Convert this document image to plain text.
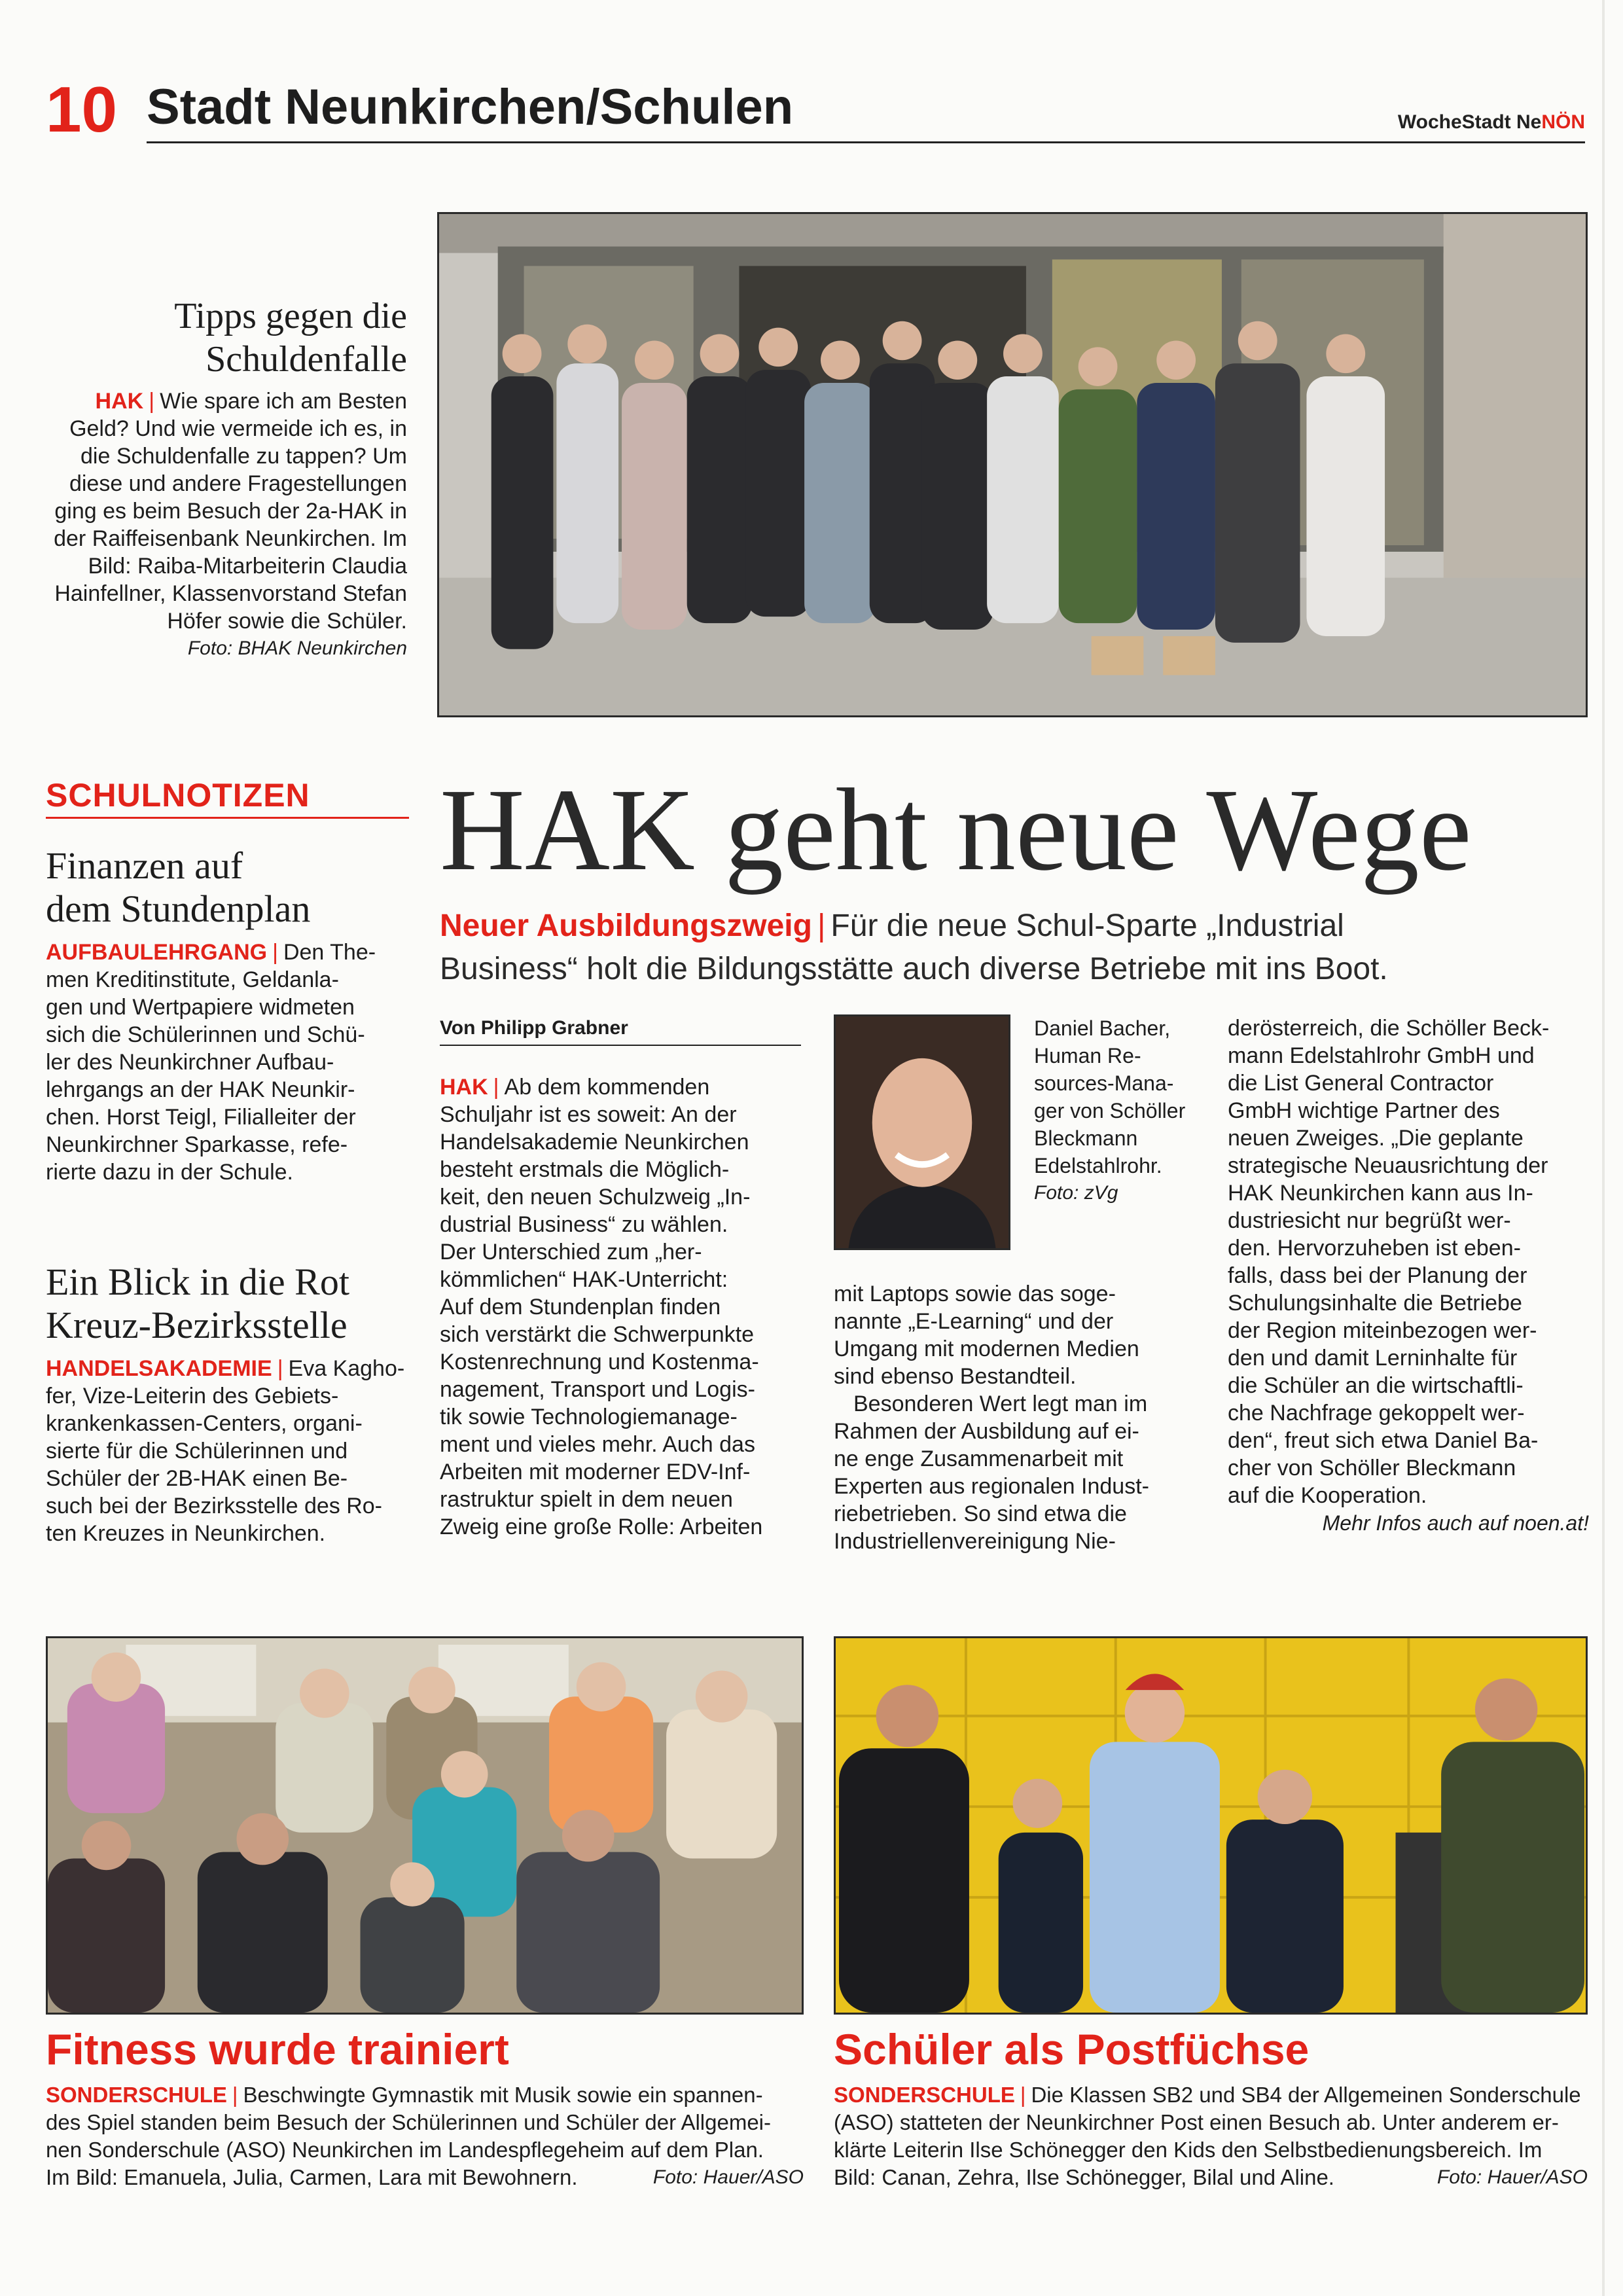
10 Stadt Neunkirchen/Schulen	WocheStadt NeNÖN
Tipps gegen die
Schuldenfalle
HAK | Wie spare ich am Besten
Geld? Und wie vermeide ich es, in
die Schuldenfalle zu tappen? Um
diese und andere Fragestellungen
ging es beim Besuch der 2a-HAK in
der Raiffeisenbank Neunkirchen. Im
Bild: Raiba-Mitarbeiterin Claudia
Hainfellner, Klassenvorstand Stefan
Höfer sowie die Schüler.
Foto: BHAK Neunkirchen
SCHULNOTIZEN
Finanzen auf
dem Stundenplan
AUFBAULEHRGANG | Den The-
men Kreditinstitute, Geldanla-
gen und Wertpapiere widmeten
sich die Schülerinnen und Schü-
ler des Neunkirchner Aufbau-
lehrgangs an der HAK Neunkir-
chen. Horst Teigl, Filialleiter der
Neunkirchner Sparkasse, refe-
rierte dazu in der Schule.
Ein Blick in die Rot
Kreuz-Bezirksstelle
HANDELSAKADEMIE | Eva Kagho-
fer, Vize-Leiterin des Gebiets-
krankenkassen-Centers, organi-
sierte für die Schülerinnen und
Schüler der 2B-HAK einen Be-
such bei der Bezirksstelle des Ro-
ten Kreuzes in Neunkirchen.
HAK geht neue Wege
Neuer Ausbildungszweig | Für die neue Schul-Sparte „Industrial
Business“ holt die Bildungsstätte auch diverse Betriebe mit ins Boot.
Von Philipp Grabner
HAK | Ab dem kommenden
Schuljahr ist es soweit: An der
Handelsakademie Neunkirchen
besteht erstmals die Möglich-
keit, den neuen Schulzweig „In-
dustrial Business“ zu wählen.
Der Unterschied zum „her-
kömmlichen“ HAK-Unterricht:
Auf dem Stundenplan finden
sich verstärkt die Schwerpunkte
Kostenrechnung und Kostenma-
nagement, Transport und Logis-
tik sowie Technologiemanage-
ment und vieles mehr. Auch das
Arbeiten mit moderner EDV-Inf-
rastruktur spielt in dem neuen
Zweig eine große Rolle: Arbeiten
Daniel Bacher,
Human Re-
sources-Mana-
ger von Schöller
Bleckmann
Edelstahlrohr.
Foto: zVg
mit Laptops sowie das soge-
nannte „E-Learning“ und der
Umgang mit modernen Medien
sind ebenso Bestandteil.
Besonderen Wert legt man im
Rahmen der Ausbildung auf ei-
ne enge Zusammenarbeit mit
Experten aus regionalen Indust-
riebetrieben. So sind etwa die
Industriellenvereinigung Nie-
derösterreich, die Schöller Beck-
mann Edelstahlrohr GmbH und
die List General Contractor
GmbH wichtige Partner des
neuen Zweiges. „Die geplante
strategische Neuausrichtung der
HAK Neunkirchen kann aus In-
dustriesicht nur begrüßt wer-
den. Hervorzuheben ist eben-
falls, dass bei der Planung der
Schulungsinhalte die Betriebe
der Region miteinbezogen wer-
den und damit Lerninhalte für
die Schüler an die wirtschaftli-
che Nachfrage gekoppelt wer-
den“, freut sich etwa Daniel Ba-
cher von Schöller Bleckmann
auf die Kooperation.
Mehr Infos auch auf noen.at!
Fitness wurde trainiert
SONDERSCHULE | Beschwingte Gymnastik mit Musik sowie ein spannen-
des Spiel standen beim Besuch der Schülerinnen und Schüler der Allgemei-
nen Sonderschule (ASO) Neunkirchen im Landespflegeheim auf dem Plan.
Im Bild: Emanuela, Julia, Carmen, Lara mit Bewohnern.	Foto: Hauer/ASO
Schüler als Postfüchse
SONDERSCHULE | Die Klassen SB2 und SB4 der Allgemeinen Sonderschule
(ASO) statteten der Neunkirchner Post einen Besuch ab. Unter anderem er-
klärte Leiterin Ilse Schönegger den Kids den Selbstbedienungsbereich. Im
Bild: Canan, Zehra, Ilse Schönegger, Bilal und Aline.	Foto: Hauer/ASO
